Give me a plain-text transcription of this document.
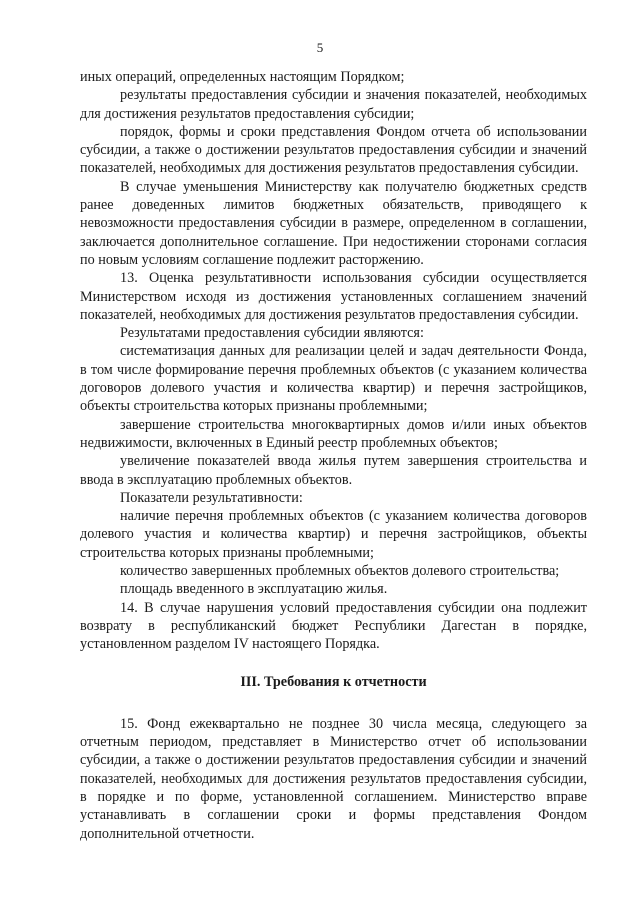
5

иных операций, определенных настоящим Порядком;

результаты предоставления субсидии и значения показателей, необходимых для достижения результатов предоставления субсидии;

порядок, формы и сроки представления Фондом отчета об использовании субсидии, а также о достижении результатов предоставления субсидии и значений показателей, необходимых для достижения результатов предоставления субсидии.

В случае уменьшения Министерству как получателю бюджетных средств ранее доведенных лимитов бюджетных обязательств, приводящего к невозможности предоставления субсидии в размере, определенном в соглашении, заключается дополнительное соглашение. При недостижении сторонами согласия по новым условиям соглашение подлежит расторжению.

13. Оценка результативности использования субсидии осуществляется Министерством исходя из достижения установленных соглашением значений показателей, необходимых для достижения результатов предоставления субсидии.

Результатами предоставления субсидии являются:

систематизация данных для реализации целей и задач деятельности Фонда, в том числе формирование перечня проблемных объектов (с указанием количества договоров долевого участия и количества квартир) и перечня застройщиков, объекты строительства которых признаны проблемными;

завершение строительства многоквартирных домов и/или иных объектов недвижимости, включенных в Единый реестр проблемных объектов;

увеличение показателей ввода жилья путем завершения строительства и ввода в эксплуатацию проблемных объектов.

Показатели результативности:

наличие перечня проблемных объектов (с указанием количества договоров долевого участия и количества квартир) и перечня застройщиков, объекты строительства которых признаны проблемными;

количество завершенных проблемных объектов долевого строительства;

площадь введенного в эксплуатацию жилья.

14. В случае нарушения условий предоставления субсидии она подлежит возврату в республиканский бюджет Республики Дагестан в порядке, установленном разделом IV настоящего Порядка.

III. Требования к отчетности

15. Фонд ежеквартально не позднее 30 числа месяца, следующего за отчетным периодом, представляет в Министерство отчет об использовании субсидии, а также о достижении результатов предоставления субсидии и значений показателей, необходимых для достижения результатов предоставления субсидии, в порядке и по форме, установленной соглашением. Министерство вправе устанавливать в соглашении сроки и формы представления Фондом дополнительной отчетности.
